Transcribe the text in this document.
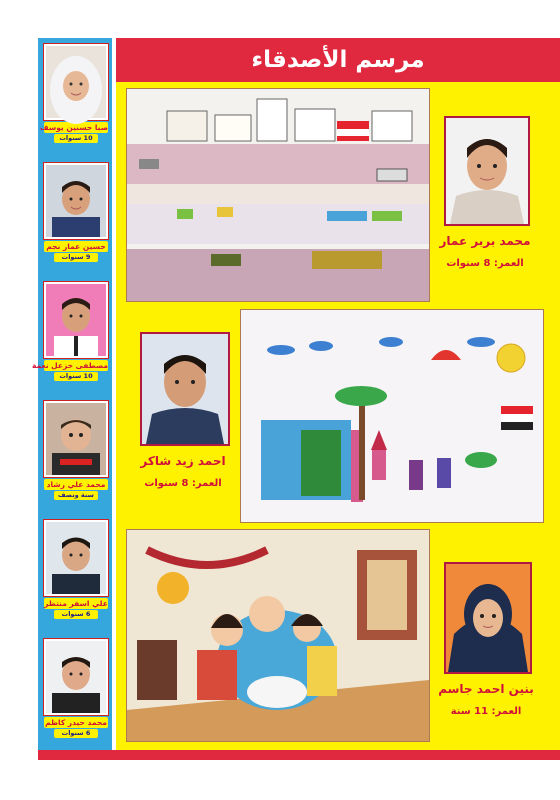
مرسم الأصدقاء
صبا حسنين يوسف
10 سنوات
حسين عمار نجم
9 سنوات
مصطفى خزعل نعمة
10 سنوات
محمد علي رشاد
سنة ونصف
علي اسفر منتظر
6 سنوات
محمد حيدر كاظم
6 سنوات
محمد بربر عمار
العمر: 8 سنوات
احمد زيد شاكر
العمر: 8 سنوات
بنين احمد جاسم
العمر: 11 سنة
